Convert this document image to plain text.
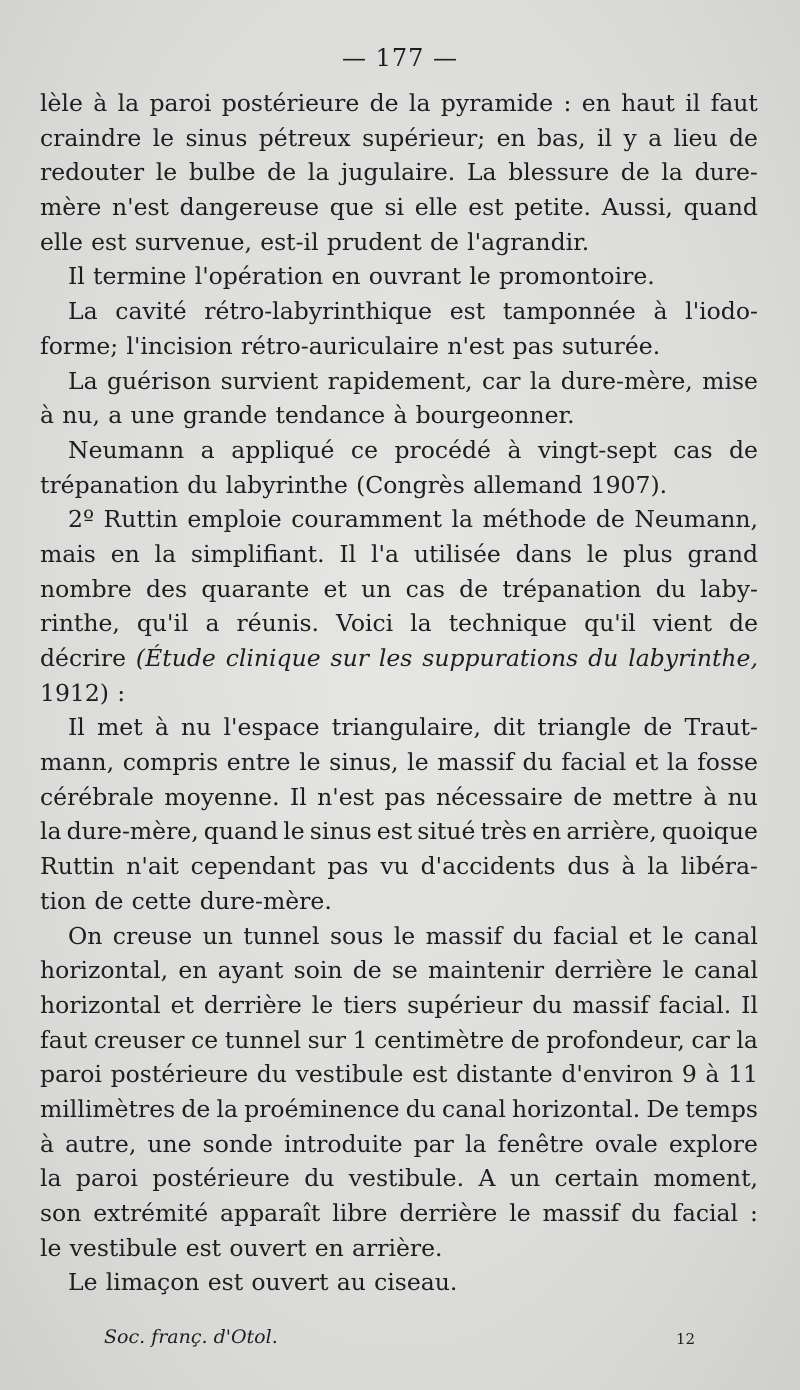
— 177 —
lèle à la paroi postérieure de la pyramide : en haut il faut
craindre le sinus pétreux supérieur; en bas, il y a lieu de
redouter le bulbe de la jugulaire. La blessure de la dure-
mère n'est dangereuse que si elle est petite. Aussi, quand
elle est survenue, est-il prudent de l'agrandir.
Il termine l'opération en ouvrant le promontoire.
La cavité rétro-labyrinthique est tamponnée à l'iodo-
forme; l'incision rétro-auriculaire n'est pas suturée.
La guérison survient rapidement, car la dure-mère, mise
à nu, a une grande tendance à bourgeonner.
Neumann a appliqué ce procédé à vingt-sept cas de
trépanation du labyrinthe (Congrès allemand 1907).
2º Ruttin emploie couramment la méthode de Neumann,
mais en la simplifiant. Il l'a utilisée dans le plus grand
nombre des quarante et un cas de trépanation du laby-
rinthe, qu'il a réunis. Voici la technique qu'il vient de
décrire (Étude clinique sur les suppurations du labyrinthe,
1912) :
Il met à nu l'espace triangulaire, dit triangle de Traut-
mann, compris entre le sinus, le massif du facial et la fosse
cérébrale moyenne. Il n'est pas nécessaire de mettre à nu
la dure-mère, quand le sinus est situé très en arrière, quoique
Ruttin n'ait cependant pas vu d'accidents dus à la libéra-
tion de cette dure-mère.
On creuse un tunnel sous le massif du facial et le canal
horizontal, en ayant soin de se maintenir derrière le canal
horizontal et derrière le tiers supérieur du massif facial. Il
faut creuser ce tunnel sur 1 centimètre de profondeur, car la
paroi postérieure du vestibule est distante d'environ 9 à 11
millimètres de la proéminence du canal horizontal. De temps
à autre, une sonde introduite par la fenêtre ovale explore
la paroi postérieure du vestibule. A un certain moment,
son extrémité apparaît libre derrière le massif du facial :
le vestibule est ouvert en arrière.
Le limaçon est ouvert au ciseau.
Soc. franç. d'Otol.	12
